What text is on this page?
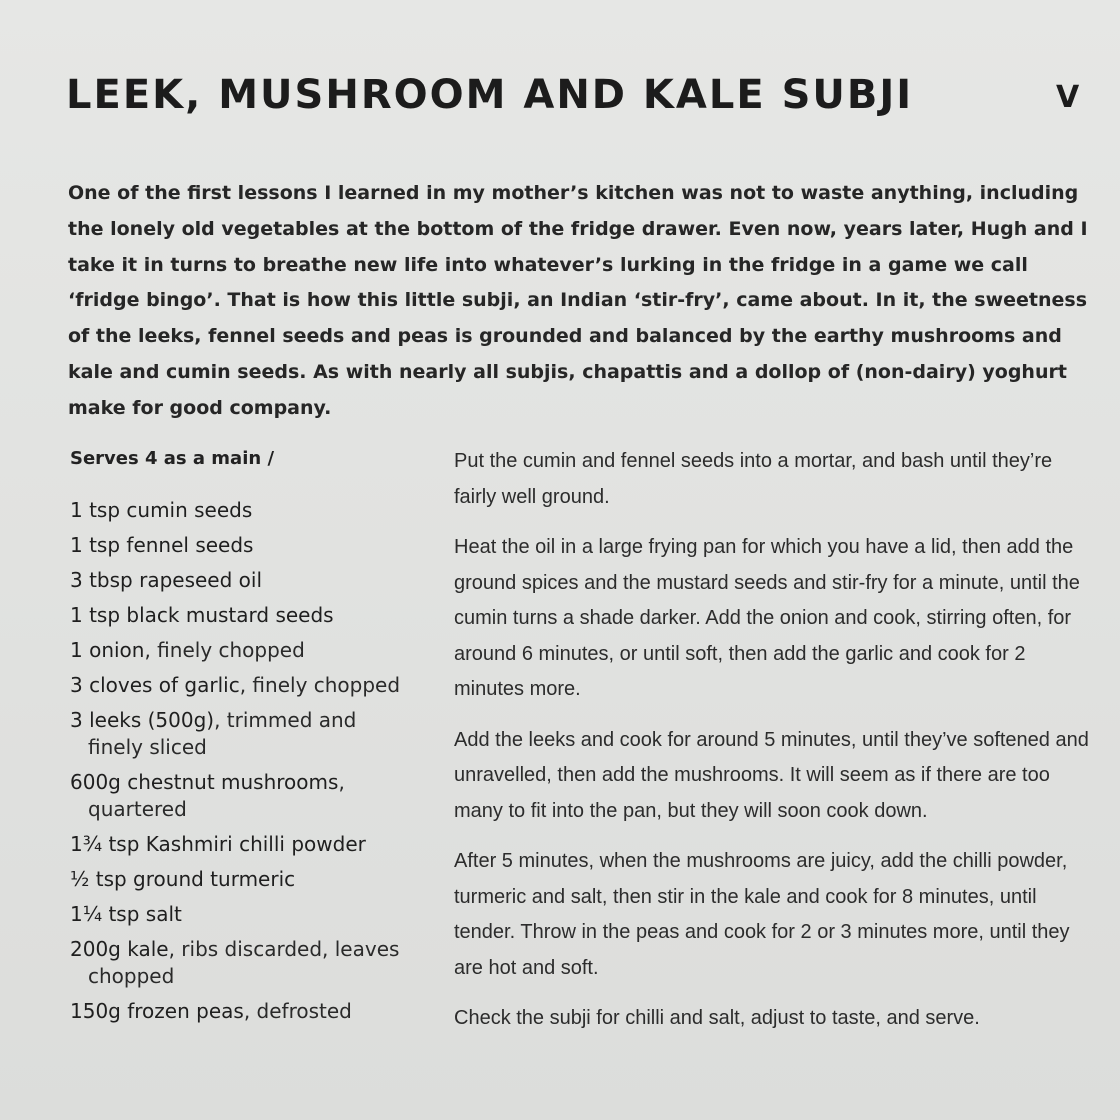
LEEK, MUSHROOM AND KALE SUBJI	V

One of the first lessons I learned in my mother’s kitchen was not to waste anything, including the lonely old vegetables at the bottom of the fridge drawer. Even now, years later, Hugh and I take it in turns to breathe new life into whatever’s lurking in the fridge in a game we call ‘fridge bingo’. That is how this little subji, an Indian ‘stir-fry’, came about. In it, the sweetness of the leeks, fennel seeds and peas is grounded and balanced by the earthy mushrooms and kale and cumin seeds. As with nearly all subjis, chapattis and a dollop of (non-dairy) yoghurt make for good company.

Serves 4 as a main /

1 tsp cumin seeds
1 tsp fennel seeds
3 tbsp rapeseed oil
1 tsp black mustard seeds
1 onion, finely chopped
3 cloves of garlic, finely chopped
3 leeks (500g), trimmed and finely sliced
600g chestnut mushrooms, quartered
1¾ tsp Kashmiri chilli powder
½ tsp ground turmeric
1¼ tsp salt
200g kale, ribs discarded, leaves chopped
150g frozen peas, defrosted

Put the cumin and fennel seeds into a mortar, and bash until they’re fairly well ground.

Heat the oil in a large frying pan for which you have a lid, then add the ground spices and the mustard seeds and stir-fry for a minute, until the cumin turns a shade darker. Add the onion and cook, stirring often, for around 6 minutes, or until soft, then add the garlic and cook for 2 minutes more.

Add the leeks and cook for around 5 minutes, until they’ve softened and unravelled, then add the mushrooms. It will seem as if there are too many to fit into the pan, but they will soon cook down.

After 5 minutes, when the mushrooms are juicy, add the chilli powder, turmeric and salt, then stir in the kale and cook for 8 minutes, until tender. Throw in the peas and cook for 2 or 3 minutes more, until they are hot and soft.

Check the subji for chilli and salt, adjust to taste, and serve.
